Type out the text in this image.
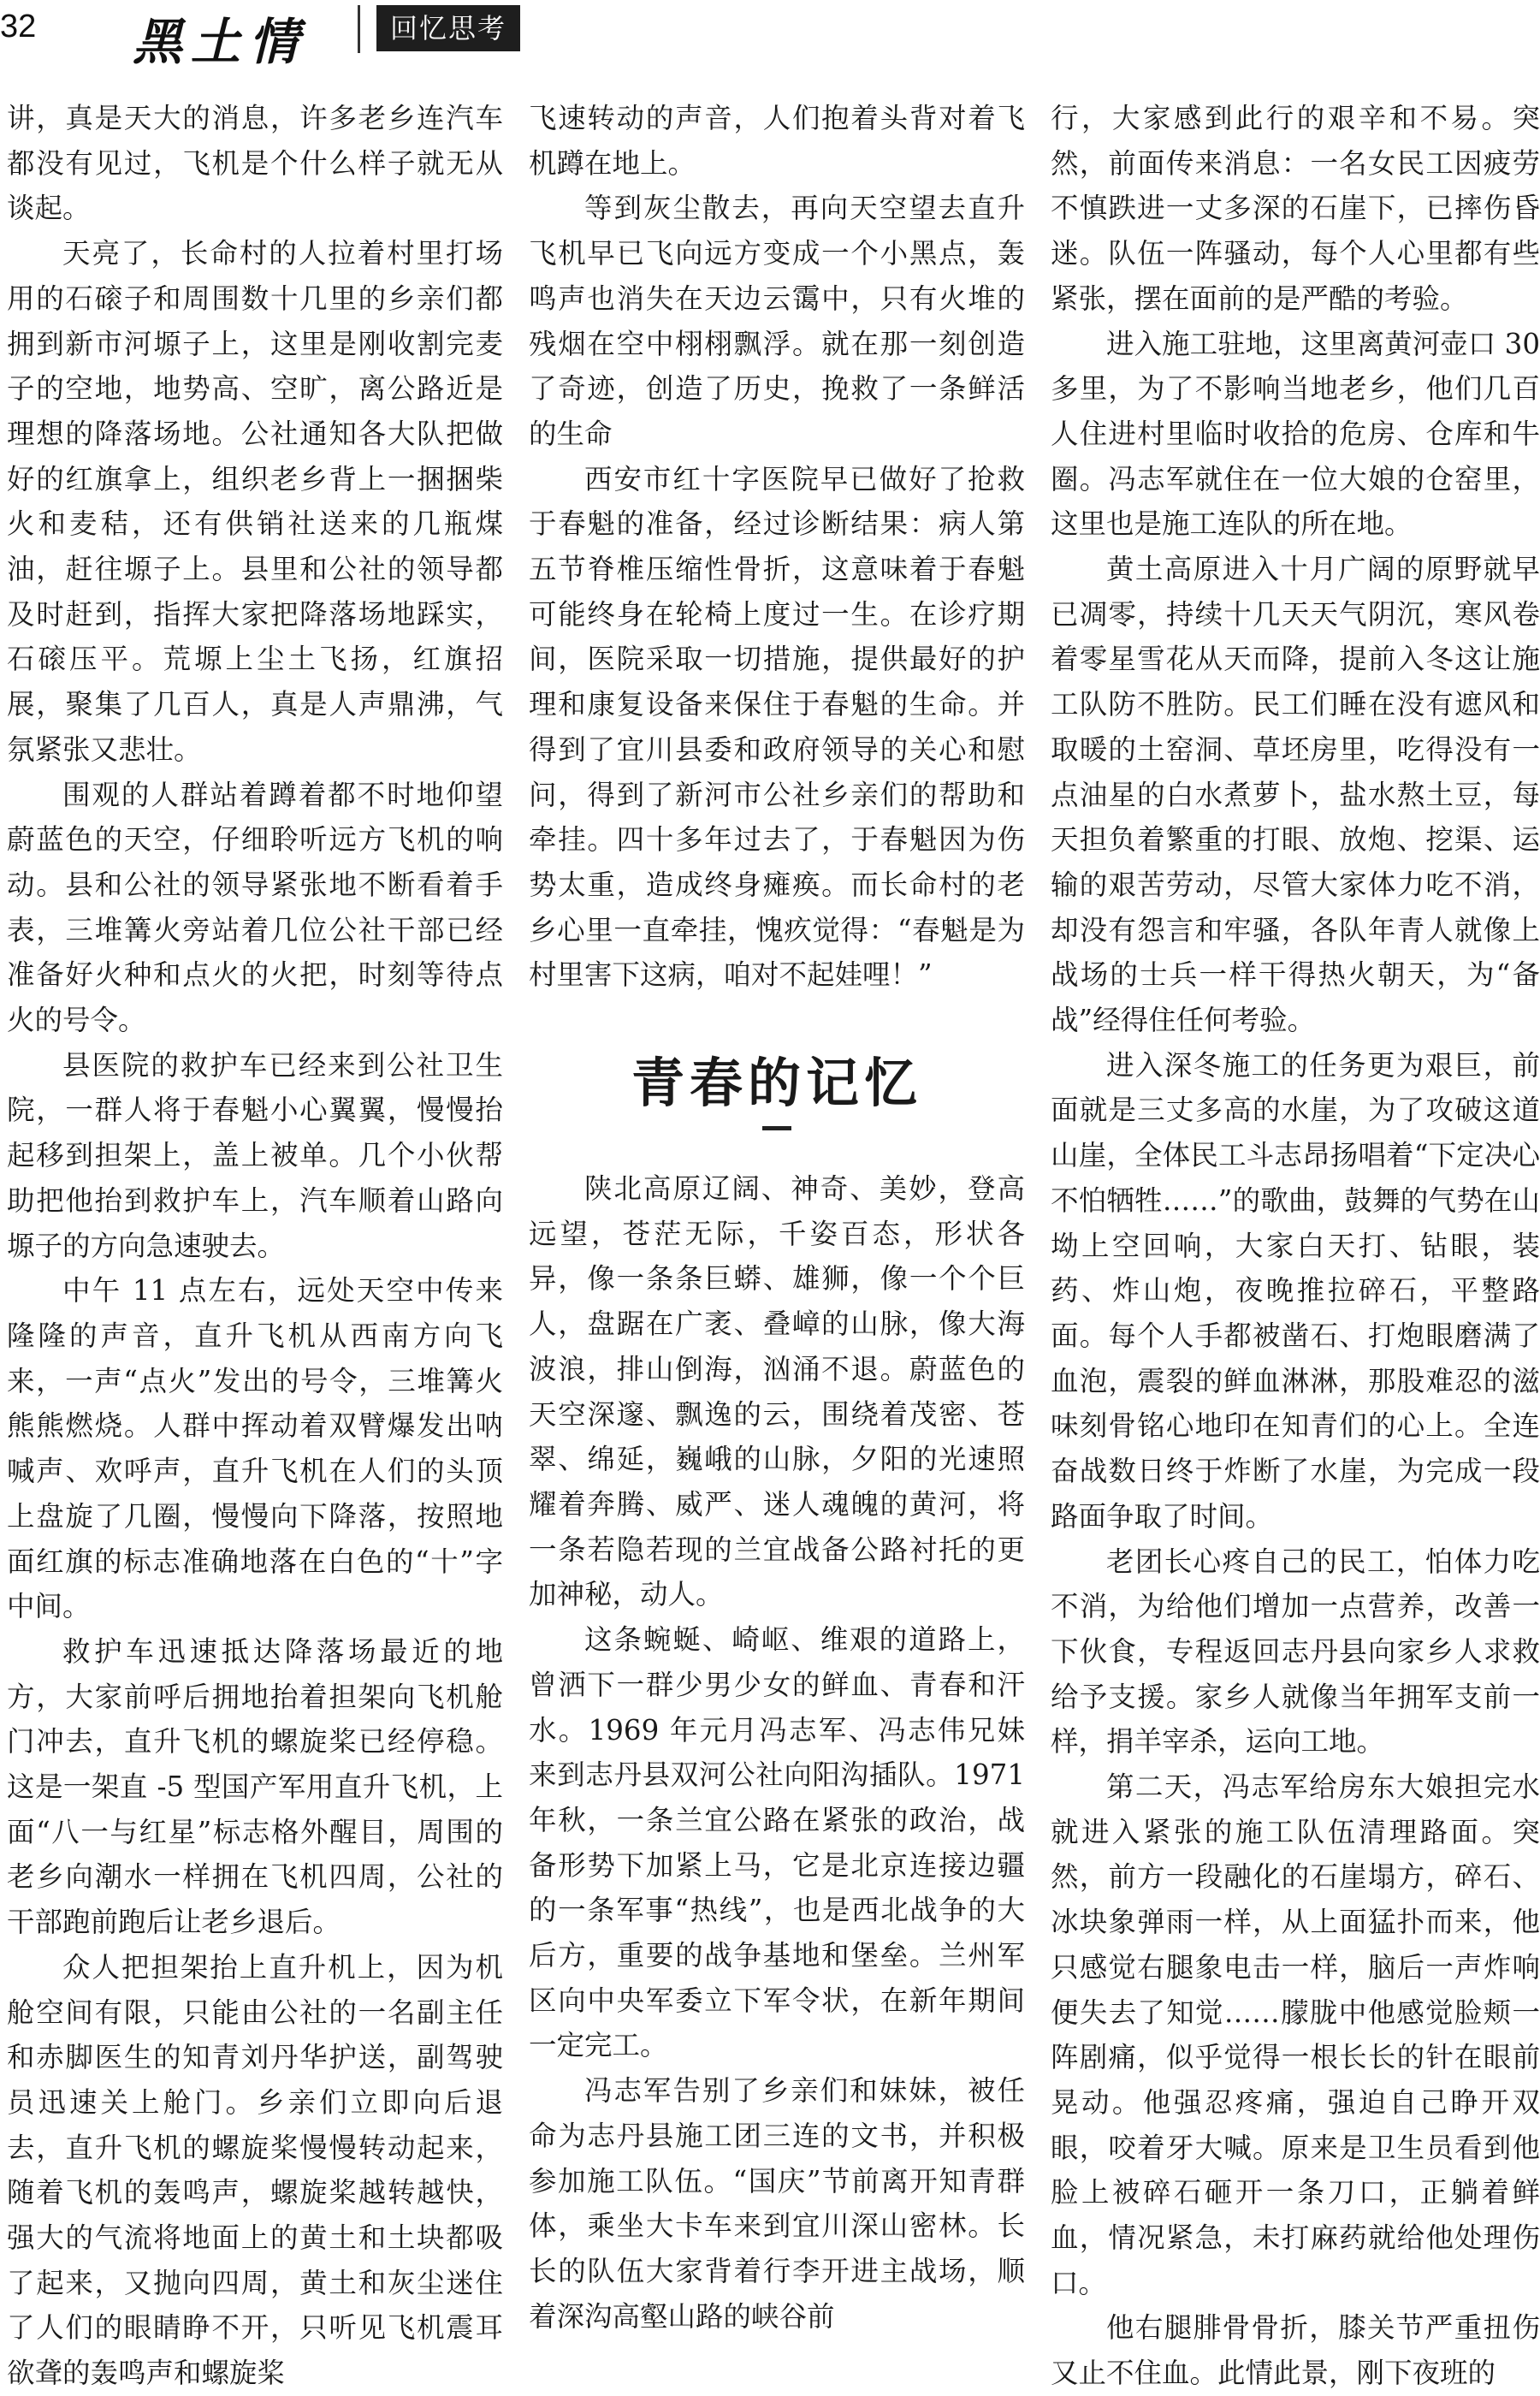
32 黑土情	回忆思考

讲，真是天大的消息，许多老乡连汽车都没有见过，飞机是个什么样子就无从谈起。

天亮了，长命村的人拉着村里打场用的石磙子和周围数十几里的乡亲们都拥到新市河塬子上，这里是刚收割完麦子的空地，地势高、空旷，离公路近是理想的降落场地。公社通知各大队把做好的红旗拿上，组织老乡背上一捆捆柴火和麦秸，还有供销社送来的几瓶煤油，赶往塬子上。县里和公社的领导都及时赶到，指挥大家把降落场地踩实，石磙压平。荒塬上尘土飞扬，红旗招展，聚集了几百人，真是人声鼎沸，气氛紧张又悲壮。

围观的人群站着蹲着都不时地仰望蔚蓝色的天空，仔细聆听远方飞机的响动。县和公社的领导紧张地不断看着手表，三堆篝火旁站着几位公社干部已经准备好火种和点火的火把，时刻等待点火的号令。

县医院的救护车已经来到公社卫生院，一群人将于春魁小心翼翼，慢慢抬起移到担架上，盖上被单。几个小伙帮助把他抬到救护车上，汽车顺着山路向塬子的方向急速驶去。

中午 11 点左右，远处天空中传来隆隆的声音，直升飞机从西南方向飞来，一声“点火”发出的号令，三堆篝火熊熊燃烧。人群中挥动着双臂爆发出呐喊声、欢呼声，直升飞机在人们的头顶上盘旋了几圈，慢慢向下降落，按照地面红旗的标志准确地落在白色的“十”字中间。

救护车迅速抵达降落场最近的地方，大家前呼后拥地抬着担架向飞机舱门冲去，直升飞机的螺旋桨已经停稳。这是一架直 -5 型国产军用直升飞机，上面“八一与红星”标志格外醒目，周围的老乡向潮水一样拥在飞机四周，公社的干部跑前跑后让老乡退后。

众人把担架抬上直升机上，因为机舱空间有限，只能由公社的一名副主任和赤脚医生的知青刘丹华护送，副驾驶员迅速关上舱门。乡亲们立即向后退去，直升飞机的螺旋桨慢慢转动起来，随着飞机的轰鸣声，螺旋桨越转越快，强大的气流将地面上的黄土和土块都吸了起来，又抛向四周，黄土和灰尘迷住了人们的眼睛睁不开，只听见飞机震耳欲聋的轰鸣声和螺旋桨

飞速转动的声音，人们抱着头背对着飞机蹲在地上。

等到灰尘散去，再向天空望去直升飞机早已飞向远方变成一个小黑点，轰鸣声也消失在天边云霭中，只有火堆的残烟在空中栩栩飘浮。就在那一刻创造了奇迹，创造了历史，挽救了一条鲜活的生命

西安市红十字医院早已做好了抢救于春魁的准备，经过诊断结果：病人第五节脊椎压缩性骨折，这意味着于春魁可能终身在轮椅上度过一生。在诊疗期间，医院采取一切措施，提供最好的护理和康复设备来保住于春魁的生命。并得到了宜川县委和政府领导的关心和慰问，得到了新河市公社乡亲们的帮助和牵挂。四十多年过去了，于春魁因为伤势太重，造成终身瘫痪。而长命村的老乡心里一直牵挂，愧疚觉得：“春魁是为村里害下这病，咱对不起娃哩！”

青春的记忆

陕北高原辽阔、神奇、美妙，登高远望，苍茫无际，千姿百态，形状各异，像一条条巨蟒、雄狮，像一个个巨人，盘踞在广袤、叠嶂的山脉，像大海波浪，排山倒海，汹涌不退。蔚蓝色的天空深邃、飘逸的云，围绕着茂密、苍翠、绵延，巍峨的山脉，夕阳的光速照耀着奔腾、威严、迷人魂魄的黄河，将一条若隐若现的兰宜战备公路衬托的更加神秘，动人。

这条蜿蜒、崎岖、维艰的道路上，曾洒下一群少男少女的鲜血、青春和汗水。1969 年元月冯志军、冯志伟兄妹来到志丹县双河公社向阳沟插队。1971 年秋，一条兰宜公路在紧张的政治，战备形势下加紧上马，它是北京连接边疆的一条军事“热线”，也是西北战争的大后方，重要的战争基地和堡垒。兰州军区向中央军委立下军令状，在新年期间一定完工。

冯志军告别了乡亲们和妹妹，被任命为志丹县施工团三连的文书，并积极参加施工队伍。“国庆”节前离开知青群体，乘坐大卡车来到宜川深山密林。长长的队伍大家背着行李开进主战场，顺着深沟高壑山路的峡谷前

行，大家感到此行的艰辛和不易。突然，前面传来消息：一名女民工因疲劳不慎跌进一丈多深的石崖下，已摔伤昏迷。队伍一阵骚动，每个人心里都有些紧张，摆在面前的是严酷的考验。

进入施工驻地，这里离黄河壶口 30 多里，为了不影响当地老乡，他们几百人住进村里临时收拾的危房、仓库和牛圈。冯志军就住在一位大娘的仓窑里，这里也是施工连队的所在地。

黄土高原进入十月广阔的原野就早已凋零，持续十几天天气阴沉，寒风卷着零星雪花从天而降，提前入冬这让施工队防不胜防。民工们睡在没有遮风和取暖的土窑洞、草坯房里，吃得没有一点油星的白水煮萝卜，盐水熬土豆，每天担负着繁重的打眼、放炮、挖渠、运输的艰苦劳动，尽管大家体力吃不消，却没有怨言和牢骚，各队年青人就像上战场的士兵一样干得热火朝天，为“备战”经得住任何考验。

进入深冬施工的任务更为艰巨，前面就是三丈多高的水崖，为了攻破这道山崖，全体民工斗志昂扬唱着“下定决心不怕牺牲……”的歌曲，鼓舞的气势在山坳上空回响，大家白天打、钻眼，装药、炸山炮，夜晚推拉碎石，平整路面。每个人手都被凿石、打炮眼磨满了血泡，震裂的鲜血淋淋，那股难忍的滋味刻骨铭心地印在知青们的心上。全连奋战数日终于炸断了水崖，为完成一段路面争取了时间。

老团长心疼自己的民工，怕体力吃不消，为给他们增加一点营养，改善一下伙食，专程返回志丹县向家乡人求救给予支援。家乡人就像当年拥军支前一样，捐羊宰杀，运向工地。

第二天，冯志军给房东大娘担完水就进入紧张的施工队伍清理路面。突然，前方一段融化的石崖塌方，碎石、冰块象弹雨一样，从上面猛扑而来，他只感觉右腿象电击一样，脑后一声炸响便失去了知觉……朦胧中他感觉脸颊一阵剧痛，似乎觉得一根长长的针在眼前晃动。他强忍疼痛，强迫自己睁开双眼，咬着牙大喊。原来是卫生员看到他脸上被碎石砸开一条刀口，正躺着鲜血，情况紧急，未打麻药就给他处理伤口。

他右腿腓骨骨折，膝关节严重扭伤又止不住血。此情此景，刚下夜班的
